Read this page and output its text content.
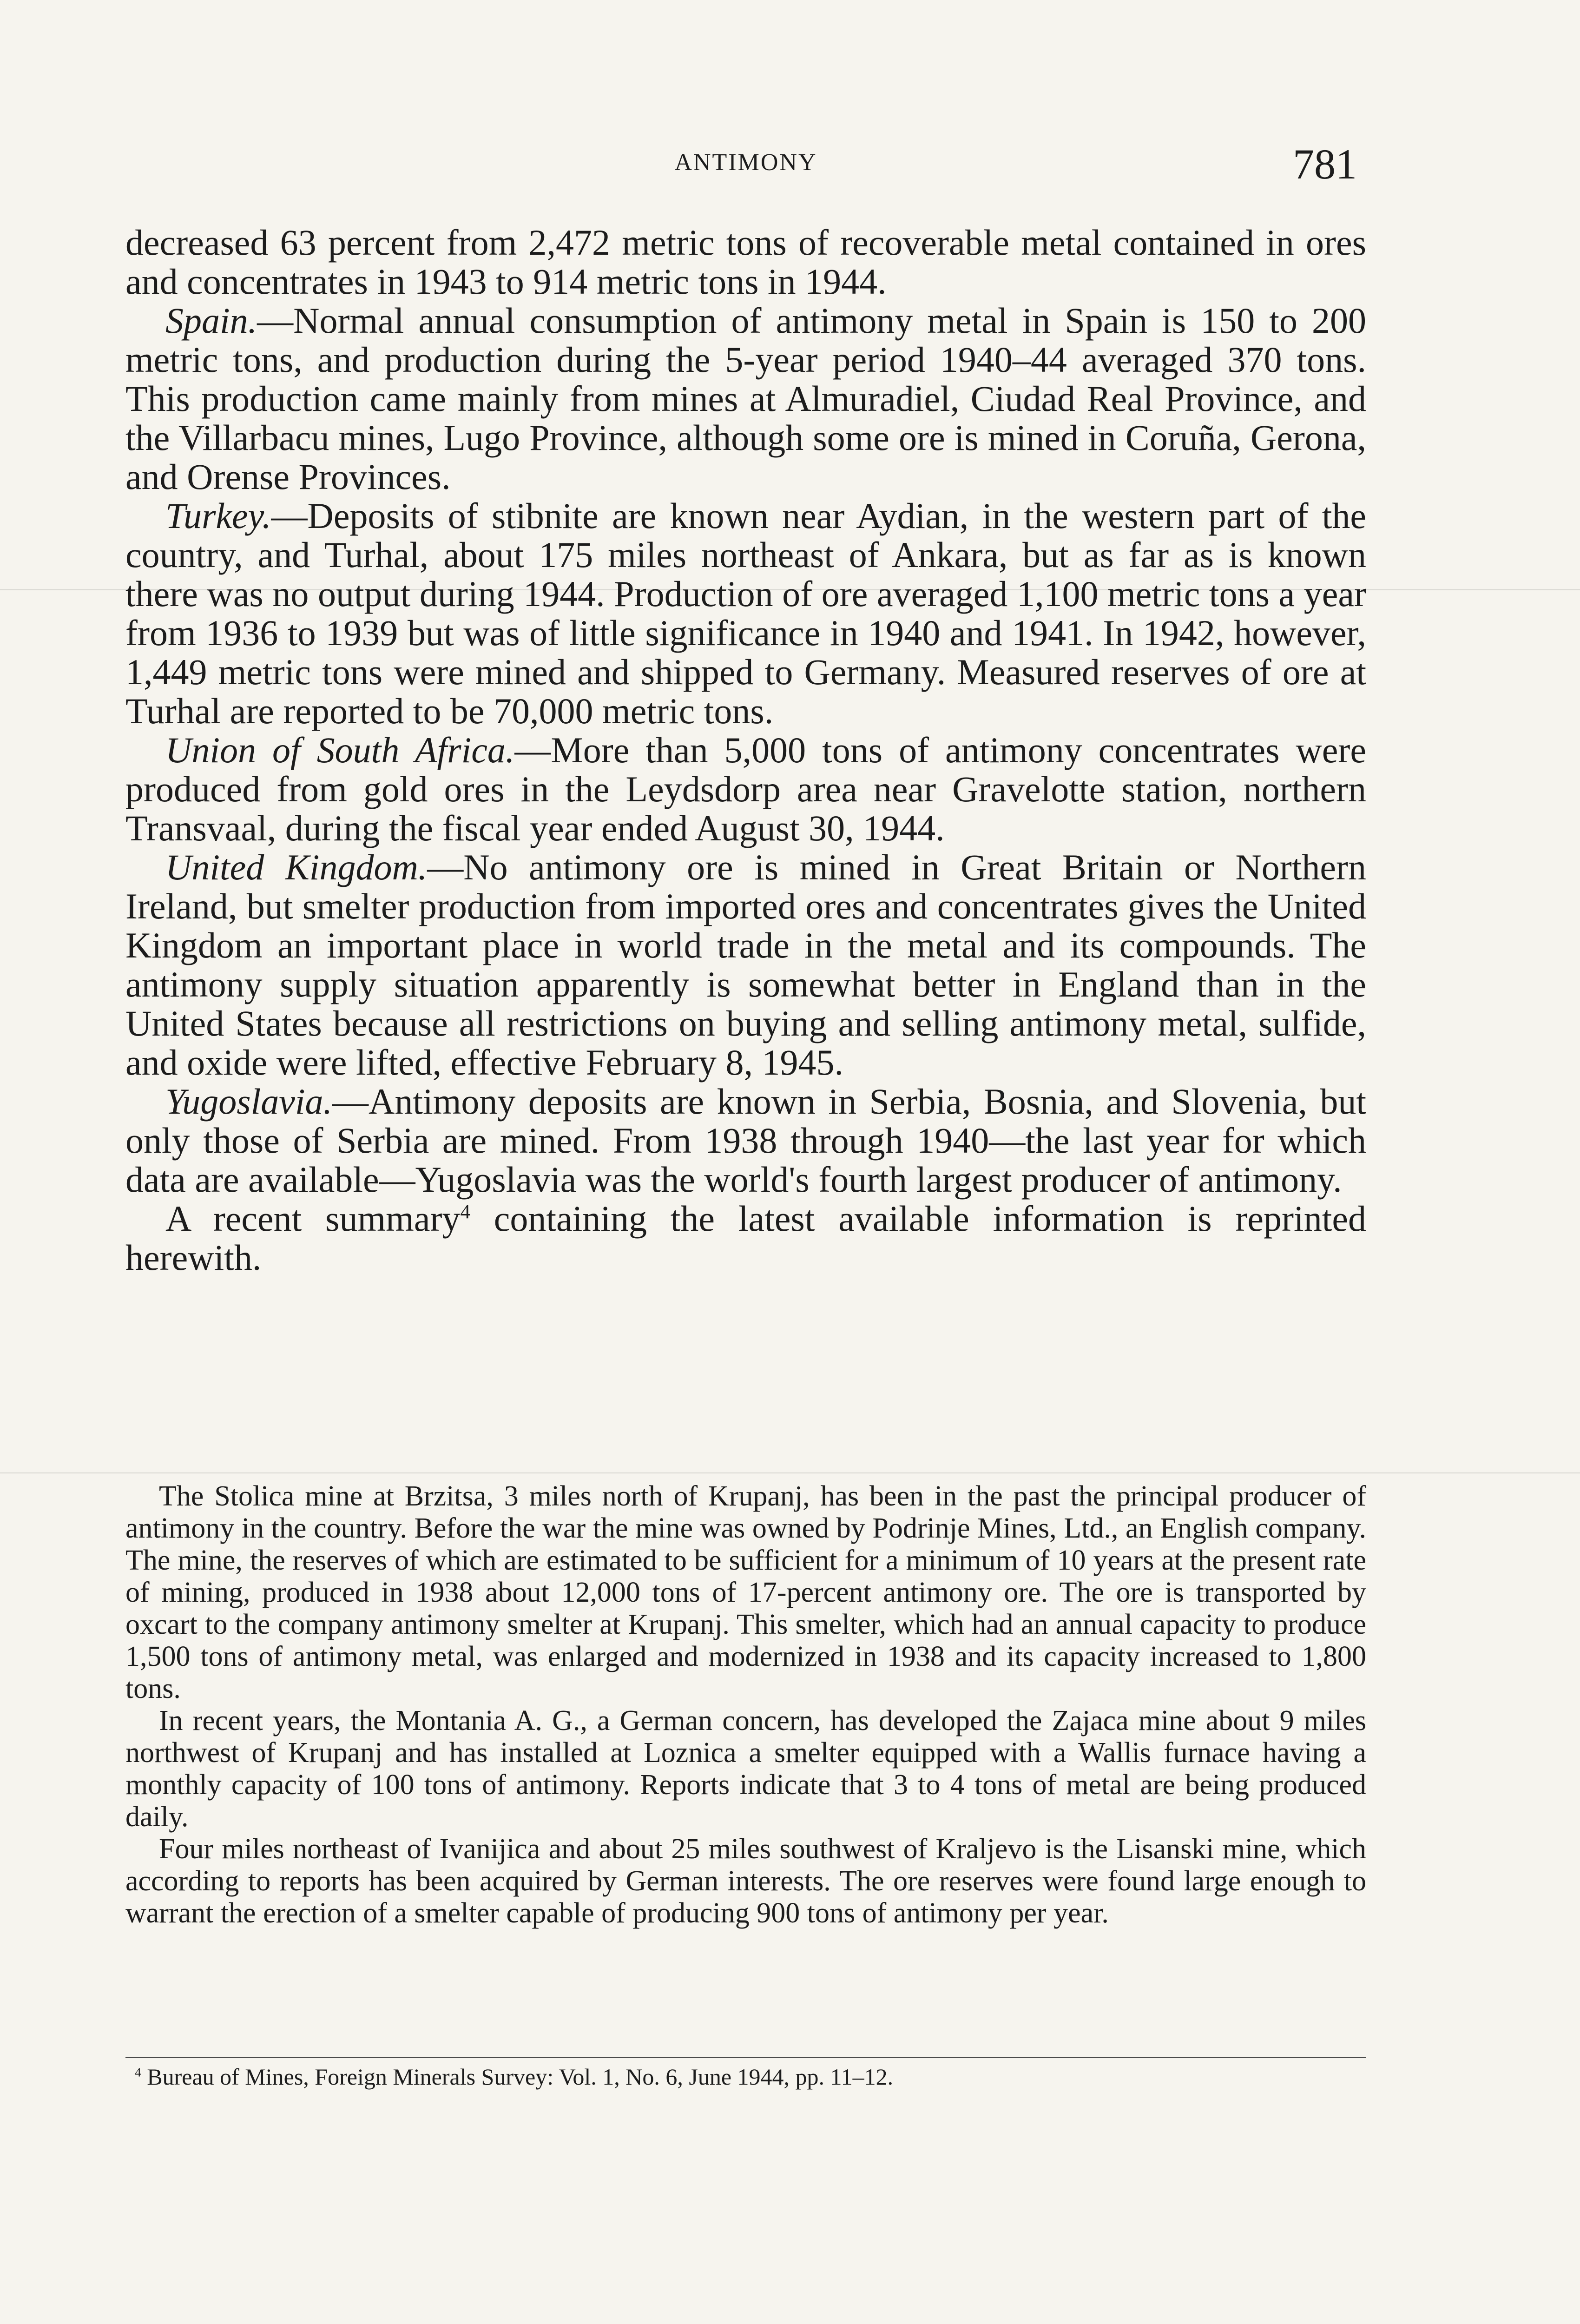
ANTIMONY	781

decreased 63 percent from 2,472 metric tons of recoverable metal contained in ores and concentrates in 1943 to 914 metric tons in 1944.

Spain.—Normal annual consumption of antimony metal in Spain is 150 to 200 metric tons, and production during the 5-year period 1940–44 averaged 370 tons. This production came mainly from mines at Almuradiel, Ciudad Real Province, and the Villarbacu mines, Lugo Province, although some ore is mined in Coruña, Gerona, and Orense Provinces.

Turkey.—Deposits of stibnite are known near Aydian, in the western part of the country, and Turhal, about 175 miles northeast of Ankara, but as far as is known there was no output during 1944. Production of ore averaged 1,100 metric tons a year from 1936 to 1939 but was of little significance in 1940 and 1941. In 1942, however, 1,449 metric tons were mined and shipped to Germany. Measured reserves of ore at Turhal are reported to be 70,000 metric tons.

Union of South Africa.—More than 5,000 tons of antimony concentrates were produced from gold ores in the Leydsdorp area near Gravelotte station, northern Transvaal, during the fiscal year ended August 30, 1944.

United Kingdom.—No antimony ore is mined in Great Britain or Northern Ireland, but smelter production from imported ores and concentrates gives the United Kingdom an important place in world trade in the metal and its compounds. The antimony supply situation apparently is somewhat better in England than in the United States because all restrictions on buying and selling antimony metal, sulfide, and oxide were lifted, effective February 8, 1945.

Yugoslavia.—Antimony deposits are known in Serbia, Bosnia, and Slovenia, but only those of Serbia are mined. From 1938 through 1940—the last year for which data are available—Yugoslavia was the world's fourth largest producer of antimony.

A recent summary$^4$ containing the latest available information is reprinted herewith.

The Stolica mine at Brzitsa, 3 miles north of Krupanj, has been in the past the principal producer of antimony in the country. Before the war the mine was owned by Podrinje Mines, Ltd., an English company. The mine, the reserves of which are estimated to be sufficient for a minimum of 10 years at the present rate of mining, produced in 1938 about 12,000 tons of 17-percent antimony ore. The ore is transported by oxcart to the company antimony smelter at Krupanj. This smelter, which had an annual capacity to produce 1,500 tons of antimony metal, was enlarged and modernized in 1938 and its capacity increased to 1,800 tons.

In recent years, the Montania A. G., a German concern, has developed the Zajaca mine about 9 miles northwest of Krupanj and has installed at Loznica a smelter equipped with a Wallis furnace having a monthly capacity of 100 tons of antimony. Reports indicate that 3 to 4 tons of metal are being produced daily.

Four miles northeast of Ivanijica and about 25 miles southwest of Kraljevo is the Lisanski mine, which according to reports has been acquired by German interests. The ore reserves were found large enough to warrant the erection of a smelter capable of producing 900 tons of antimony per year.

$^4$ Bureau of Mines, Foreign Minerals Survey: Vol. 1, No. 6, June 1944, pp. 11–12.
